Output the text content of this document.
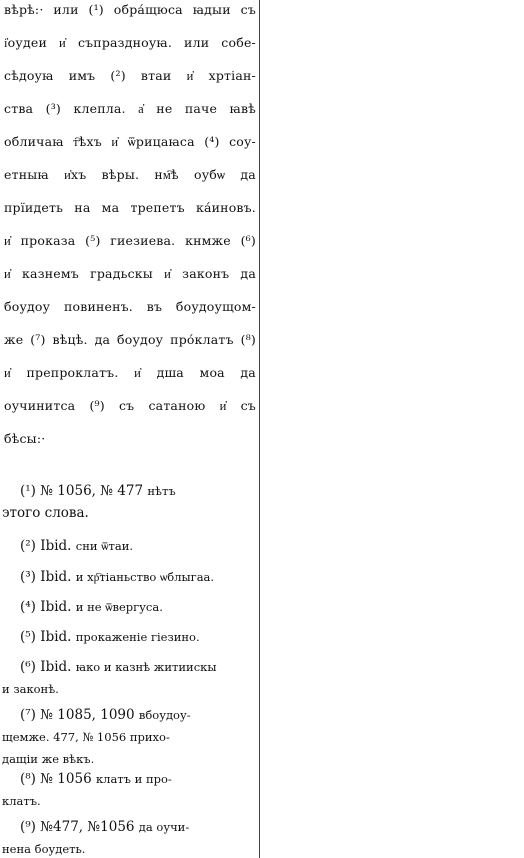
вѣрѣ:· или (¹) обра́щюса ꙗдыи съ
і҆оудеи и҆ съпраздноуꙗ. или собе-
сѣдоуꙗ имъ (²) втаи и҆ хртіан-
ства (³) клепла. а҆ не паче ꙗвѣ
обличаꙗ т҇ѣхъ и҆ ѿрицаꙗса (⁴) соу-
етныꙗ и҆хъ вѣры. нм҇ѣ оубѡ да
прїидеть на ма трепетъ ка́иновъ.
и҆ проказа (⁵) гиезиева. кнмже (⁶)
и҆ казнемъ градьскы и҆ законъ да
боудоу повиненъ. въ боудоущом-
же (⁷) вѣцѣ. да боудоу про́клатъ (⁸)
и҆ препроклатъ. и҆ дша моа да
оучинитса (⁹) съ сатаною и҆ съ
бѣсы:·
(¹) № 1056, № 477 нѣтъ
этого слова.
(²) Ibid. сни ѿтаи.
(³) Ibid. и хр҇тіаньство ѡблыгаа.
(⁴) Ibid. и не ѿвергуса.
(⁵) Ibid. прокаженіе гіезино.
(⁶) Ibid. ꙗко и казнѣ житиискы
и законѣ.
(⁷) № 1085, 1090 вбоудоу-
щемже. 477, № 1056 прихо-
дащіи же вѣкъ.
(⁸) № 1056 клатъ и про-
клатъ.
(⁹) №477, №1056 да оучи-
нена боудеть.
